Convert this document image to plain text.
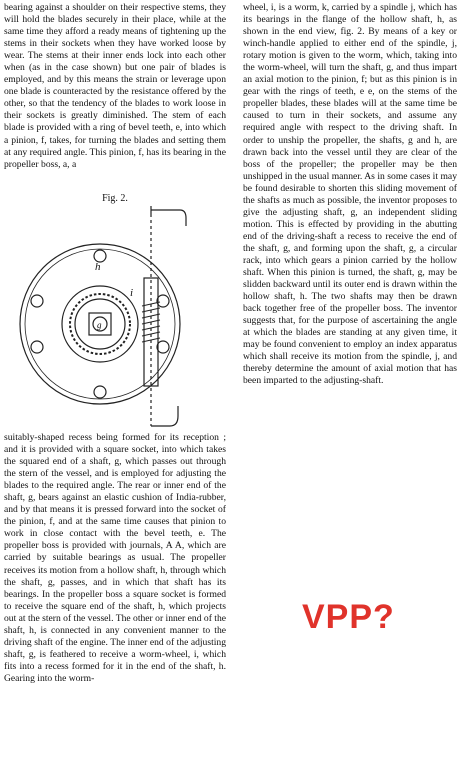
bearing against a shoulder on their respective stems, they will hold the blades securely in their place, while at the same time they afford a ready means of tightening up the stems in their sockets when they have worked loose by wear. The stems at their inner ends lock into each other when (as in the case shown) but one pair of blades is employed, and by this means the strain or leverage upon one blade is counteracted by the resistance offered by the other, so that the tendency of the blades to work loose in their sockets is greatly diminished. The stem of each blade is provided with a ring of bevel teeth, e, into which a pinion, f, takes, for turning the blades and setting them at any required angle. This pinion, f, has its bearing in the propeller boss, a, a

Fig. 2.
h
g
i

suitably-shaped recess being formed for its reception ; and it is provided with a square socket, into which takes the squared end of a shaft, g, which passes out through the stern of the vessel, and is employed for adjusting the blades to the required angle. The rear or inner end of the shaft, g, bears against an elastic cushion of India-rubber, and by that means it is pressed forward into the socket of the pinion, f, and at the same time causes that pinion to work in close contact with the bevel teeth, e. The propeller boss is provided with journals, A A, which are carried by suitable bearings as usual. The propeller receives its motion from a hollow shaft, h, through which the shaft, g, passes, and in which that shaft has its bearings. In the propeller boss a square socket is formed to receive the square end of the shaft, h, which projects out at the stern of the vessel. The other or inner end of the shaft, h, is connected in any convenient manner to the driving shaft of the engine. The inner end of the adjusting shaft, g, is feathered to receive a worm-wheel, i, which fits into a recess formed for it in the end of the shaft, h. Gearing into the worm-

wheel, i, is a worm, k, carried by a spindle j, which has its bearings in the flange of the hollow shaft, h, as shown in the end view, fig. 2. By means of a key or winch-handle applied to either end of the spindle, j, rotary motion is given to the worm, which, taking into the worm-wheel, will turn the shaft, g, and thus impart an axial motion to the pinion, f; but as this pinion is in gear with the rings of teeth, e e, on the stems of the propeller blades, these blades will at the same time be caused to turn in their sockets, and assume any required angle with respect to the driving shaft. In order to unship the propeller, the shafts, g and h, are drawn back into the vessel until they are clear of the boss of the propeller; the propeller may be then unshipped in the usual manner. As in some cases it may be found desirable to shorten this sliding movement of the shafts as much as possible, the inventor proposes to give the adjusting shaft, g, an independent sliding motion. This is effected by providing in the abutting end of the driving-shaft a recess to receive the end of the shaft, g, and forming upon the shaft, g, a circular rack, into which gears a pinion carried by the hollow shaft. When this pinion is turned, the shaft, g, may be slidden backward until its outer end is drawn within the hollow shaft, h. The two shafts may then be drawn back together free of the propeller boss. The inventor suggests that, for the purpose of ascertaining the angle at which the blades are standing at any given time, it may be found convenient to employ an index apparatus which shall receive its motion from the spindle, j, and thereby determine the amount of axial motion that has been imparted to the adjusting-shaft.

VPP?
